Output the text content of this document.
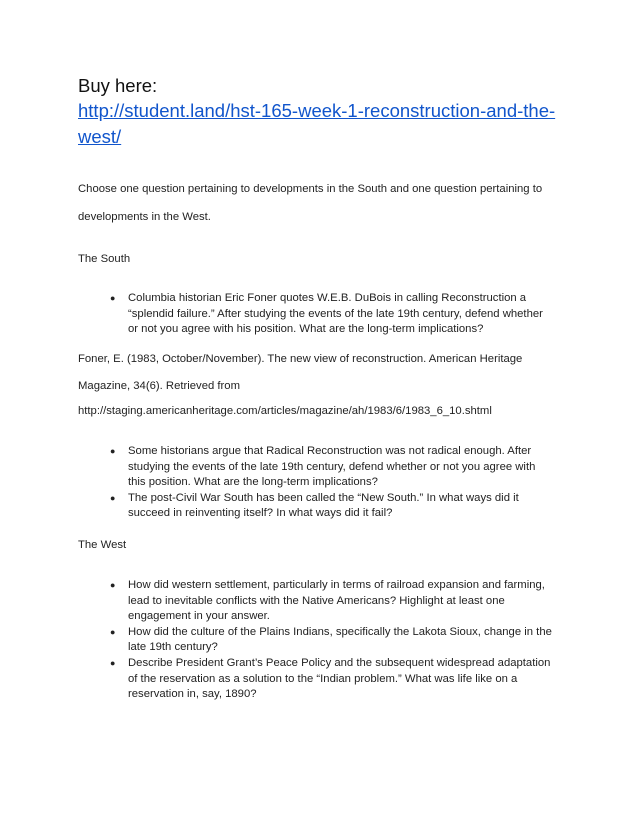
Buy here:
http://student.land/hst-165-week-1-reconstruction-and-the-
west/
Choose one question pertaining to developments in the South and one question pertaining to
developments in the West.
The South
● Columbia historian Eric Foner quotes W.E.B. DuBois in calling Reconstruction a
“splendid failure.” After studying the events of the late 19th century, defend whether
or not you agree with his position. What are the long-term implications?
Foner, E. (1983, October/November). The new view of reconstruction. American Heritage
Magazine, 34(6). Retrieved from
http://staging.americanheritage.com/articles/magazine/ah/1983/6/1983_6_10.shtml
● Some historians argue that Radical Reconstruction was not radical enough. After
studying the events of the late 19th century, defend whether or not you agree with
this position. What are the long-term implications?
● The post-Civil War South has been called the “New South.” In what ways did it
succeed in reinventing itself? In what ways did it fail?
The West
● How did western settlement, particularly in terms of railroad expansion and farming,
lead to inevitable conflicts with the Native Americans? Highlight at least one
engagement in your answer.
● How did the culture of the Plains Indians, specifically the Lakota Sioux, change in the
late 19th century?
● Describe President Grant’s Peace Policy and the subsequent widespread adaptation
of the reservation as a solution to the “Indian problem.” What was life like on a
reservation in, say, 1890?
